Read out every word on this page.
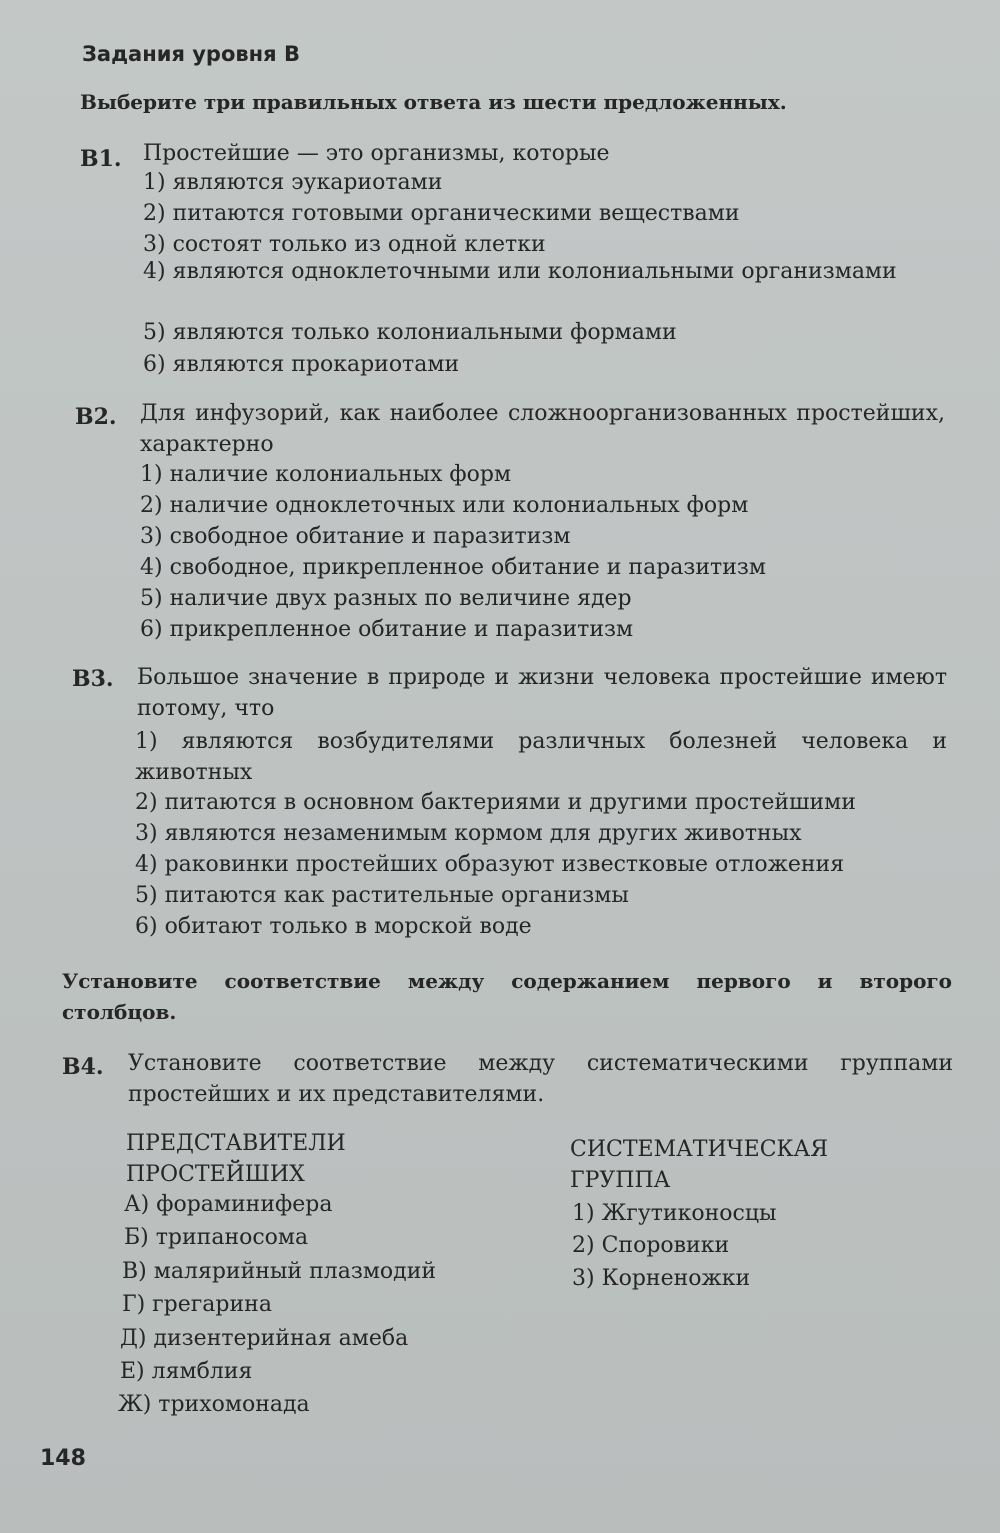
Задания уровня В

Выберите три правильных ответа из шести предложенных.

В1. Простейшие — это организмы, которые

1) являются эукариотами
2) питаются готовыми органическими веществами
3) состоят только из одной клетки
4) являются одноклеточными или колониальными организмами
5) являются только колониальными формами
6) являются прокариотами
В2. Для инфузорий, как наиболее сложноорганизованных простейших, характерно

1) наличие колониальных форм
2) наличие одноклеточных или колониальных форм
3) свободное обитание и паразитизм
4) свободное, прикрепленное обитание и паразитизм
5) наличие двух разных по величине ядер
6) прикрепленное обитание и паразитизм
В3. Большое значение в природе и жизни человека простейшие имеют потому, что

1) являются возбудителями различных болезней человека и животных
2) питаются в основном бактериями и другими простейшими
3) являются незаменимым кормом для других животных
4) раковинки простейших образуют известковые отложения
5) питаются как растительные организмы
6) обитают только в морской воде

Установите соответствие между содержанием первого и второго столбцов.

В4. Установите соответствие между систематическими группами простейших и их представителями.

ПРЕДСТАВИТЕЛИ ПРОСТЕЙШИХ

А) фораминифера
Б) трипаносома
В) малярийный плазмодий
Г) грегарина
Д) дизентерийная амеба
Е) лямблия
Ж) трихомонада

СИСТЕМАТИЧЕСКАЯ ГРУППА

1) Жгутиконосцы
2) Споровики
3) Корненожки
148
